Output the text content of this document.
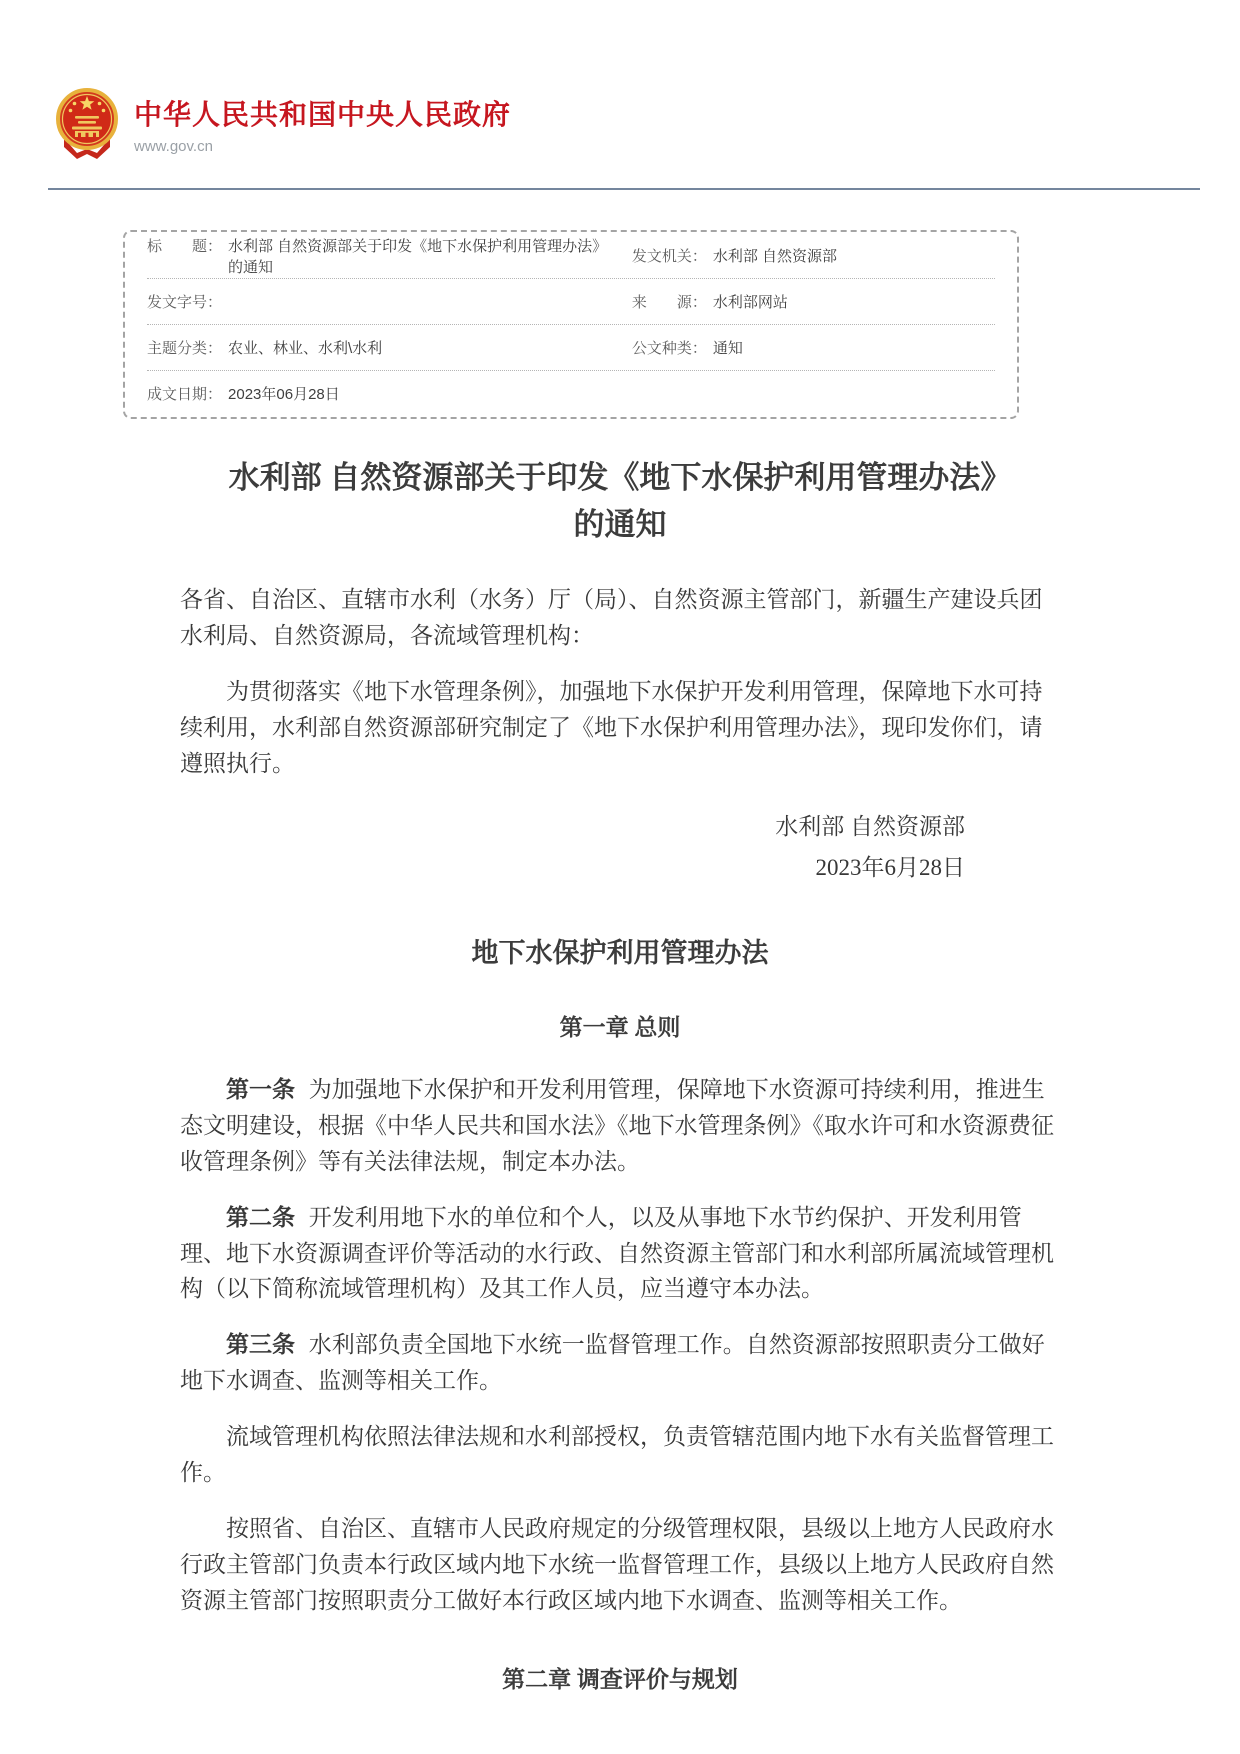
中华人民共和国中央人民政府
www.gov.cn
标　　题： 水利部 自然资源部关于印发《地下水保护利用管理办法》的通知
发文机关： 水利部 自然资源部
发文字号：	来　　源： 水利部网站
主题分类： 农业、林业、水利\水利	公文种类： 通知
成文日期： 2023年06月28日
水利部 自然资源部关于印发《地下水保护利用管理办法》的通知

各省、自治区、直辖市水利（水务）厅（局）、自然资源主管部门，新疆生产建设兵团水利局、自然资源局，各流域管理机构：

为贯彻落实《地下水管理条例》，加强地下水保护开发利用管理，保障地下水可持续利用，水利部自然资源部研究制定了《地下水保护利用管理办法》，现印发你们，请遵照执行。

水利部 自然资源部

2023年6月28日

地下水保护利用管理办法
第一章 总则

第一条 为加强地下水保护和开发利用管理，保障地下水资源可持续利用，推进生态文明建设，根据《中华人民共和国水法》《地下水管理条例》《取水许可和水资源费征收管理条例》等有关法律法规，制定本办法。

第二条 开发利用地下水的单位和个人，以及从事地下水节约保护、开发利用管理、地下水资源调查评价等活动的水行政、自然资源主管部门和水利部所属流域管理机构（以下简称流域管理机构）及其工作人员，应当遵守本办法。

第三条 水利部负责全国地下水统一监督管理工作。自然资源部按照职责分工做好地下水调查、监测等相关工作。

流域管理机构依照法律法规和水利部授权，负责管辖范围内地下水有关监督管理工作。

按照省、自治区、直辖市人民政府规定的分级管理权限，县级以上地方人民政府水行政主管部门负责本行政区域内地下水统一监督管理工作，县级以上地方人民政府自然资源主管部门按照职责分工做好本行政区域内地下水调查、监测等相关工作。

第二章 调查评价与规划
